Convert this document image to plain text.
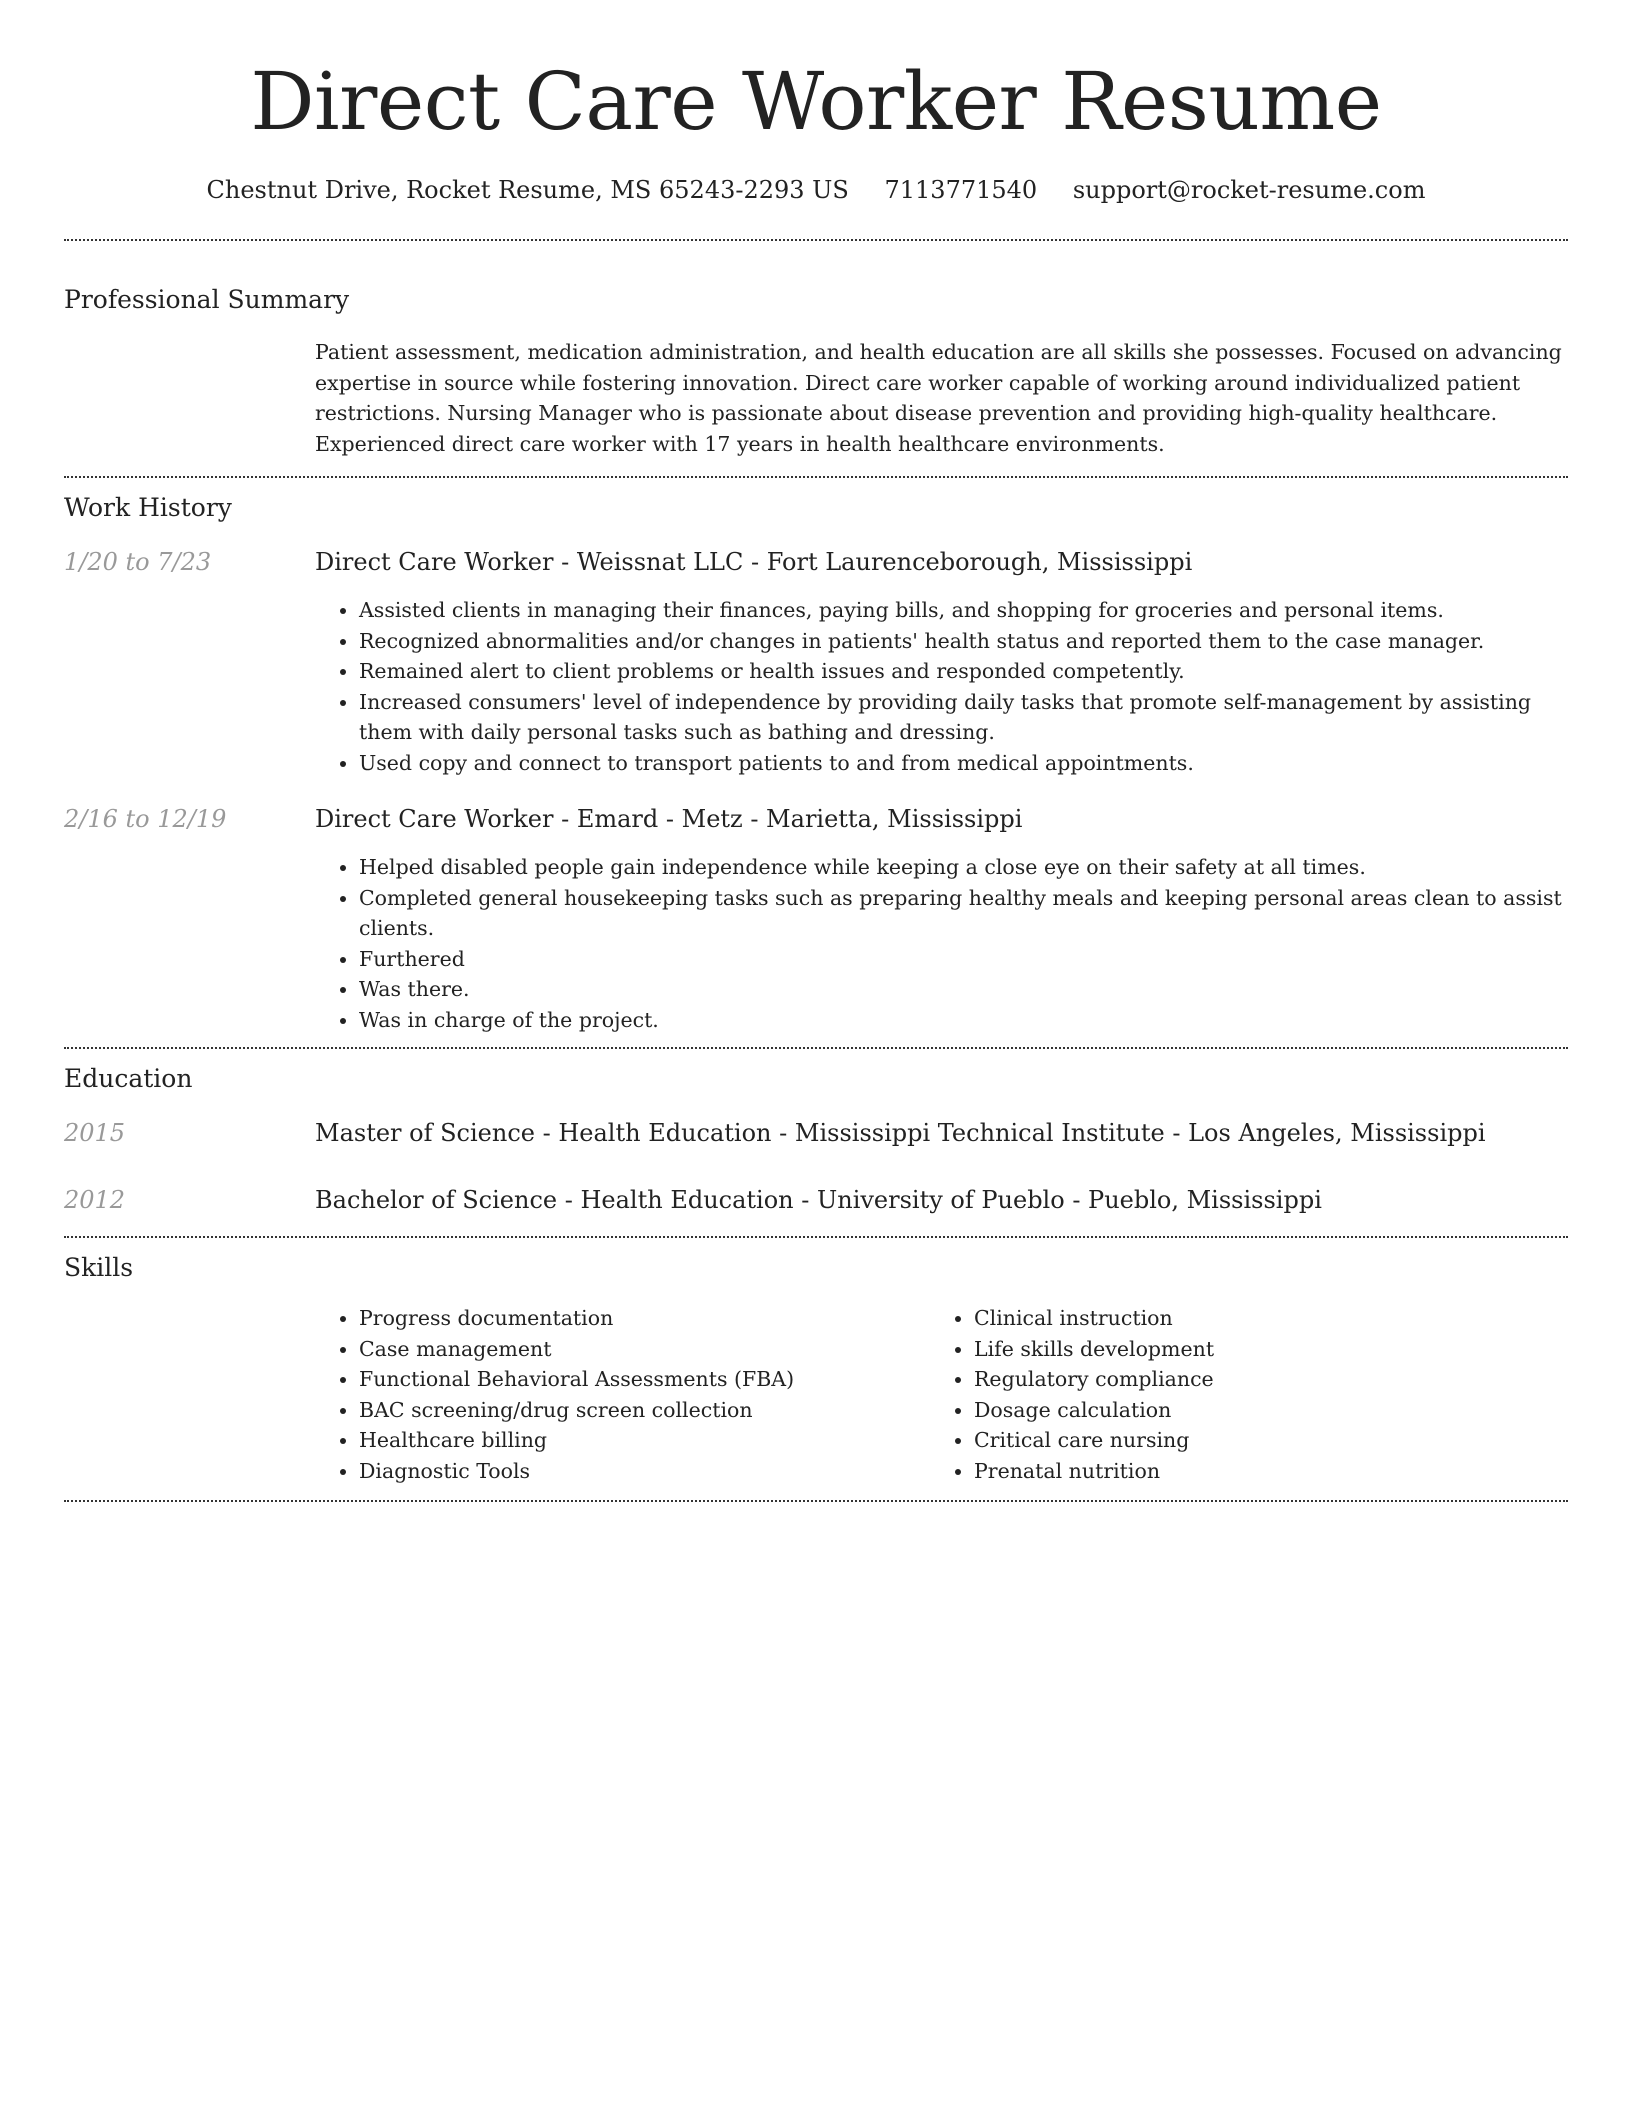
Direct Care Worker Resume
Chestnut Drive, Rocket Resume, MS 65243-2293 US 7113771540 support@rocket-resume.com
Professional Summary
Patient assessment, medication administration, and health education are all skills she possesses. Focused on advancing expertise in source while fostering innovation. Direct care worker capable of working around individualized patient restrictions. Nursing Manager who is passionate about disease prevention and providing high-quality healthcare. Experienced direct care worker with 17 years in health healthcare environments.
Work History
1/20 to 7/23	Direct Care Worker - Weissnat LLC - Fort Laurenceborough, Mississippi
• Assisted clients in managing their finances, paying bills, and shopping for groceries and personal items.
• Recognized abnormalities and/or changes in patients' health status and reported them to the case manager.
• Remained alert to client problems or health issues and responded competently.
• Increased consumers' level of independence by providing daily tasks that promote self-management by assisting them with daily personal tasks such as bathing and dressing.
• Used copy and connect to transport patients to and from medical appointments.
2/16 to 12/19	Direct Care Worker - Emard - Metz - Marietta, Mississippi
• Helped disabled people gain independence while keeping a close eye on their safety at all times.
• Completed general housekeeping tasks such as preparing healthy meals and keeping personal areas clean to assist clients.
• Furthered
• Was there.
• Was in charge of the project.
Education
2015	Master of Science - Health Education - Mississippi Technical Institute - Los Angeles, Mississippi
2012	Bachelor of Science - Health Education - University of Pueblo - Pueblo, Mississippi
Skills
• Progress documentation
• Case management
• Functional Behavioral Assessments (FBA)
• BAC screening/drug screen collection
• Healthcare billing
• Diagnostic Tools
• Clinical instruction
• Life skills development
• Regulatory compliance
• Dosage calculation
• Critical care nursing
• Prenatal nutrition
